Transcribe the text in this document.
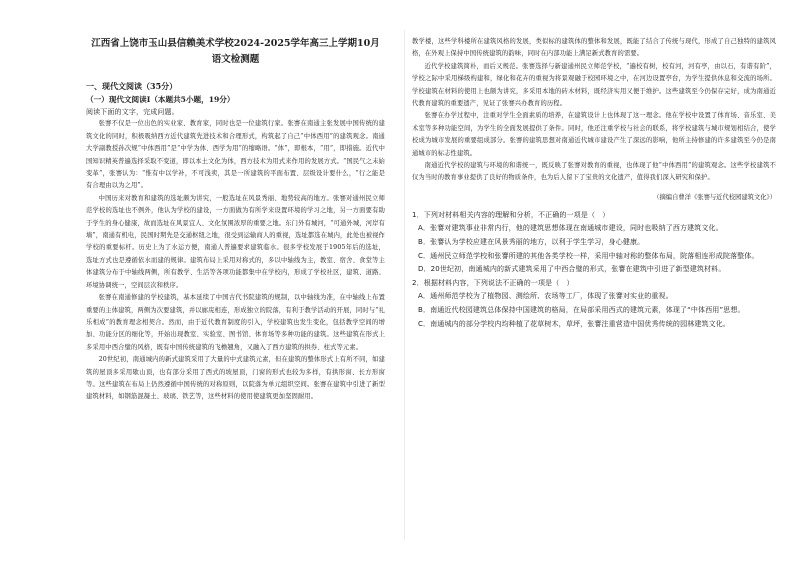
江西省上饶市玉山县信赖美术学校2024-2025学年高三上学期10月
语文检测题
一、现代文阅读（35分）
（一）现代文阅读Ⅰ（本题共5小题，19分）

阅读下面的文字，完成问题。

张謇不仅是一位出色的实业家、教育家，同时也是一位建筑行家。张謇在南通主张发展中国传统的建筑文化的同时，积极吸纳西方近代建筑先进技术和合理形式，构筑起了自己“中体西用”的建筑观念。南通大学副教授孙次规“中体西用”是“中学为体、西学为用”的缩略语。“体”，即根本，“用”，即措施。近代中国知识精英普遍选择采取不变道，即以本土文化为体，西方技术为用式来作用的发展方式。“国民气之未始变革”，张謇认为：“惟有中以学补，不可浅卖，其是一所建筑的平面布置、层级设计要什么，“行之能是有合理由以为之用”。

中国历来对教育和建筑的选址颇为讲究，一般选址在风景秀丽、地势较高的地方。张謇对通州民立师范学校的选址也不例外，他认为学校的建设，一方面做为有所学来设置环境的学习之地，另一方面要有助于学生的身心健康，故而选址在风景宜人、文化氛围浓厚的重要之地。东门外有城河，“可通外城，河岸有墙”，南通有机电，民国时期先是交通枢纽之地，很受到运输商人的重视，选址都选在城内，此处也被视作学校的重要标杆。历史上为了水运方便，南通人普遍要求建筑临水。很多学校发展于1905年后的选址，选址方式也是遵循依水而建的规律。建筑布局上采用对称式的，多以中轴线为主，教室、宿舍、食堂等主体建筑分布于中轴线两侧，所有教学、生活等各项功能都集中在学校内，形成了学校社区，建筑、道路、环境协调统一，空间层次和秩序。

张謇在南通修建的学校建筑，基本延续了中国古代书院建筑的规制，以中轴线为准，在中轴线上布置重要的主体建筑，两侧为次要建筑，并以廊庑相连，形成独立的院落，有利于教学活动的开展，同时与“礼乐相成”的教育理念相契合。然而，由于近代教育制度的引入，学校建筑也发生变化，包括教学空间的增加、功能分区的细化等，开始出现教室、实验室、图书馆、体育场等多种功能的建筑。这些建筑在形式上多采用中西合璧的风格，既有中国传统建筑的飞檐翘角，又融入了西方建筑的拱券、柱式等元素。

20世纪初，南通城内的新式建筑采用了大量的中式建筑元素，但在建筑的整体形式上有所不同，如建筑的屋顶多采用歇山顶，也有部分采用了西式的坡屋顶，门窗的形式也较为多样，有拱形窗、长方形窗等。这些建筑在布局上仍然遵循中国传统的对称原则，以院落为单元组织空间。张謇在建筑中引进了新型建筑材料，如钢筋混凝土、玻璃、铁艺等，这些材料的使用使建筑更加坚固耐用。

教学楼，这些学科楼所在建筑风格的发展，类似标的建筑体的整体和发展，既能了结合了传统与现代，形成了自己独特的建筑风格，在外观上保持中国传统建筑的韵味，同时在内部功能上满足新式教育的需要。

近代学校建筑简朴，而后又规范。张謇选择与新建通州民立师范学校，“遍校有树，校有河，河有亭，由以石，有谐有阶”，学校之际中采用梯级构建和，绿化和花卉的重视为将景观融于校园环境之中，在河边设置亭台，为学生提供休息和交流的场所。学校建筑在材料的使用上也颇为讲究，多采用本地的砖木材料，既经济实用又便于维护。这些建筑至今仍保存完好，成为南通近代教育建筑的重要遗产，见证了张謇兴办教育的历程。

张謇在办学过程中，注重对学生全面素质的培养，在建筑设计上也体现了这一理念。他在学校中设置了体育场、音乐室、美术室等多种功能空间，为学生的全面发展提供了条件。同时，他还注重学校与社会的联系，将学校建筑与城市规划相结合，使学校成为城市发展的重要组成部分。张謇的建筑思想对南通近代城市建设产生了深远的影响，他所主持修建的许多建筑至今仍是南通城市的标志性建筑。

南通近代学校的建筑与环境的和谐统一，既反映了张謇对教育的重视，也体现了他“中体西用”的建筑观念。这些学校建筑不仅为当时的教育事业提供了良好的物质条件，也为后人留下了宝贵的文化遗产，值得我们深入研究和保护。

（摘编自曹洋《张謇与近代校园建筑文化》）

1．下列对材料相关内容的理解和分析，不正确的一项是（　）

A．张謇对建筑事业非常内行，他的建筑思想体现在南通城市建设，同时也吸纳了西方建筑文化。

B．张謇认为学校应建在风景秀丽的地方，以利于学生学习，身心健康。

C．通州民立师范学校和张謇所建的其他各类学校一样，采用中轴对称的整体布局，院落相连形成院落整体。

D．20世纪初，南通城内的新式建筑采用了中西合璧的形式，张謇在建筑中引进了新型建筑材料。

2．根据材料内容，下列说法不正确的一项是（　）

A．通州师范学校为了植物园、测绘所、农场等工厂，体现了张謇对实业的重视。

B．南通近代校园建筑总体保持中国建筑的格局，在局部采用西式的建筑元素，体现了“中体西用”思想。

C．南通城内的部分学校内均种植了花草树木，草坪，张謇注重营造中国优秀传统的园林建筑文化。
